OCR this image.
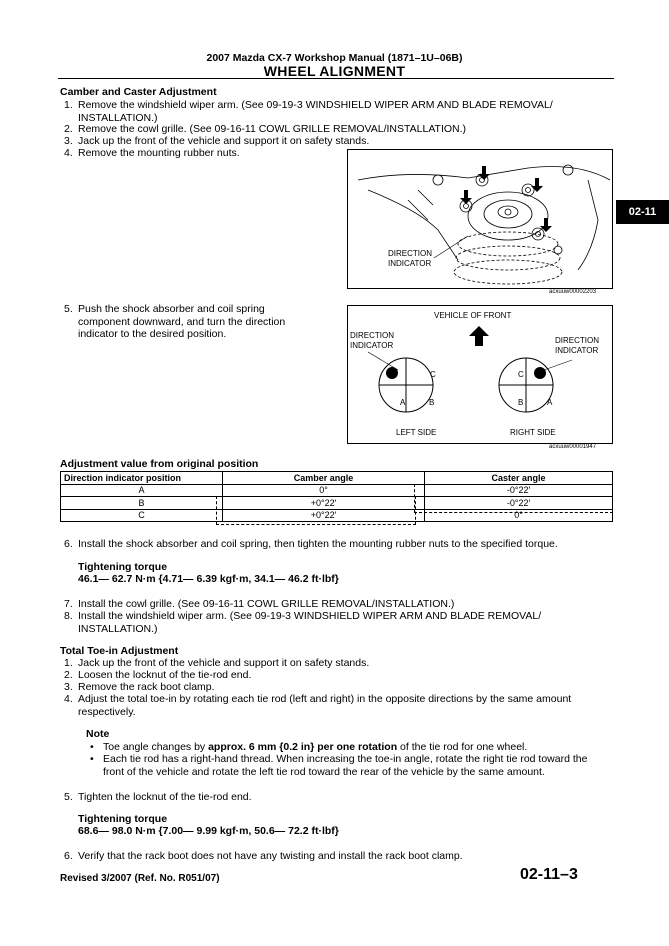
2007 Mazda CX-7 Workshop Manual (1871–1U–06B)
WHEEL ALIGNMENT
02-11
Camber and Caster Adjustment
1. Remove the windshield wiper arm. (See 09-19-3 WINDSHIELD WIPER ARM AND BLADE REMOVAL/ INSTALLATION.)
2. Remove the cowl grille. (See 09-16-11 COWL GRILLE REMOVAL/INSTALLATION.)
3. Jack up the front of the vehicle and support it on safety stands.
4. Remove the mounting rubber nuts.
DIRECTION INDICATOR
acxuuw00002203
5. Push the shock absorber and coil spring component downward, and turn the direction indicator to the desired position.
VEHICLE OF FRONT
DIRECTION INDICATOR
DIRECTION INDICATOR
C
A	B
C
B	A
LEFT SIDE	RIGHT SIDE
acxuuw00001947
Adjustment value from original position
Direction indicator position	Camber angle	Caster angle
A	0°	-0°22′
B	+0°22′	-0°22′
C	+0°22′	0°
6. Install the shock absorber and coil spring, then tighten the mounting rubber nuts to the specified torque.
Tightening torque
46.1— 62.7 N·m {4.71— 6.39 kgf·m, 34.1— 46.2 ft·lbf}
7. Install the cowl grille. (See 09-16-11 COWL GRILLE REMOVAL/INSTALLATION.)
8. Install the windshield wiper arm. (See 09-19-3 WINDSHIELD WIPER ARM AND BLADE REMOVAL/ INSTALLATION.)
Total Toe-in Adjustment
1. Jack up the front of the vehicle and support it on safety stands.
2. Loosen the locknut of the tie-rod end.
3. Remove the rack boot clamp.
4. Adjust the total toe-in by rotating each tie rod (left and right) in the opposite directions by the same amount respectively.
Note
• Toe angle changes by approx. 6 mm {0.2 in} per one rotation of the tie rod for one wheel.
• Each tie rod has a right-hand thread. When increasing the toe-in angle, rotate the right tie rod toward the front of the vehicle and rotate the left tie rod toward the rear of the vehicle by the same amount.
5. Tighten the locknut of the tie-rod end.
Tightening torque
68.6— 98.0 N·m {7.00— 9.99 kgf·m, 50.6— 72.2 ft·lbf}
6. Verify that the rack boot does not have any twisting and install the rack boot clamp.
Revised 3/2007 (Ref. No. R051/07)	02-11–3
